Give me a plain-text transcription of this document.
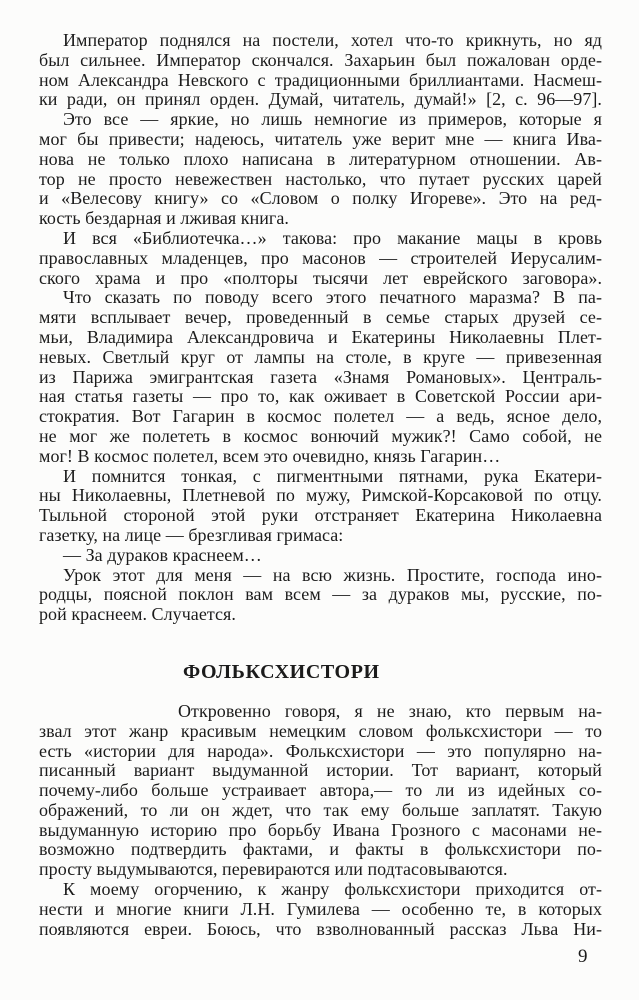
Император поднялся на постели, хотел что-то крикнуть, но яд
был сильнее. Император скончался. Захарьин был пожалован орде-
ном Александра Невского с традиционными бриллиантами. Насмеш-
ки ради, он принял орден. Думай, читатель, думай!» [2, с. 96—97].
Это все — яркие, но лишь немногие из примеров, которые я
мог бы привести; надеюсь, читатель уже верит мне — книга Ива-
нова не только плохо написана в литературном отношении. Ав-
тор не просто невежествен настолько, что путает русских царей
и «Велесову книгу» со «Словом о полку Игореве». Это на ред-
кость бездарная и лживая книга.
И вся «Библиотечка…» такова: про макание мацы в кровь
православных младенцев, про масонов — строителей Иерусалим-
ского храма и про «полторы тысячи лет еврейского заговора».
Что сказать по поводу всего этого печатного маразма? В па-
мяти всплывает вечер, проведенный в семье старых друзей се-
мьи, Владимира Александровича и Екатерины Николаевны Плет-
невых. Светлый круг от лампы на столе, в круге — привезенная
из Парижа эмигрантская газета «Знамя Романовых». Централь-
ная статья газеты — про то, как оживает в Советской России ари-
стократия. Вот Гагарин в космос полетел — а ведь, ясное дело,
не мог же полететь в космос вонючий мужик?! Само собой, не
мог! В космос полетел, всем это очевидно, князь Гагарин…
И помнится тонкая, с пигментными пятнами, рука Екатери-
ны Николаевны, Плетневой по мужу, Римской-Корсаковой по отцу.
Тыльной стороной этой руки отстраняет Екатерина Николаевна
газетку, на лице — брезгливая гримаса:
— За дураков краснеем…
Урок этот для меня — на всю жизнь. Простите, господа ино-
родцы, поясной поклон вам всем — за дураков мы, русские, по-
рой краснеем. Случается.
ФОЛЬКСХИСТОРИ
Откровенно говоря, я не знаю, кто первым на-
звал этот жанр красивым немецким словом фольксхистори — то
есть «истории для народа». Фольксхистори — это популярно на-
писанный вариант выдуманной истории. Тот вариант, который
почему-либо больше устраивает автора,— то ли из идейных со-
ображений, то ли он ждет, что так ему больше заплатят. Такую
выдуманную историю про борьбу Ивана Грозного с масонами не-
возможно подтвердить фактами, и факты в фольксхистори по-
просту выдумываются, перевираются или подтасовываются.
К моему огорчению, к жанру фольксхистори приходится от-
нести и многие книги Л.Н. Гумилева — особенно те, в которых
появляются евреи. Боюсь, что взволнованный рассказ Льва Ни-
9
